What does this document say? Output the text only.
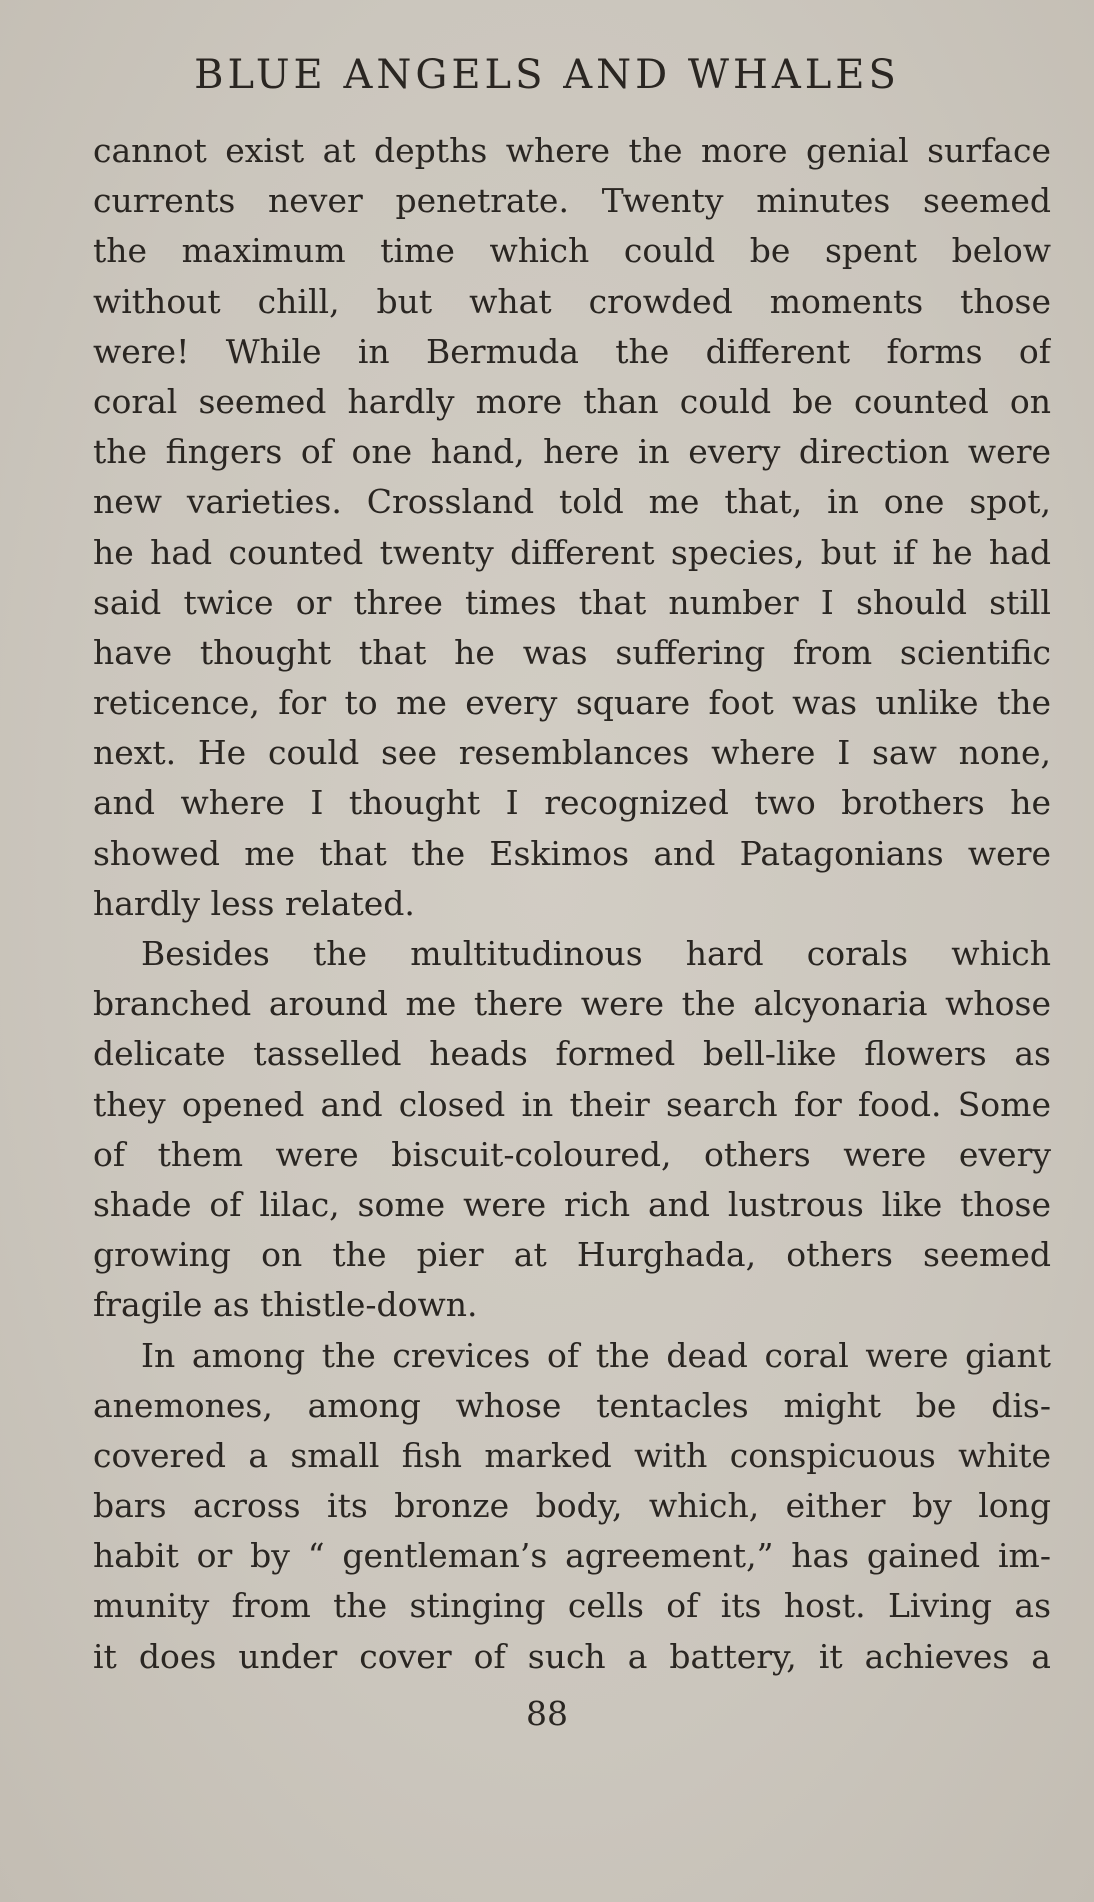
BLUE ANGELS AND WHALES
cannot exist at depths where the more genial surface
currents never penetrate. Twenty minutes seemed
the maximum time which could be spent below
without chill, but what crowded moments those
were! While in Bermuda the different forms of
coral seemed hardly more than could be counted on
the fingers of one hand, here in every direction were
new varieties. Crossland told me that, in one spot,
he had counted twenty different species, but if he had
said twice or three times that number I should still
have thought that he was suffering from scientific
reticence, for to me every square foot was unlike the
next. He could see resemblances where I saw none,
and where I thought I recognized two brothers he
showed me that the Eskimos and Patagonians were
hardly less related.
Besides the multitudinous hard corals which
branched around me there were the alcyonaria whose
delicate tasselled heads formed bell-like flowers as
they opened and closed in their search for food. Some
of them were biscuit-coloured, others were every
shade of lilac, some were rich and lustrous like those
growing on the pier at Hurghada, others seemed
fragile as thistle-down.
In among the crevices of the dead coral were giant
anemones, among whose tentacles might be dis-
covered a small fish marked with conspicuous white
bars across its bronze body, which, either by long
habit or by “ gentleman’s agreement,” has gained im-
munity from the stinging cells of its host. Living as
it does under cover of such a battery, it achieves a
88
